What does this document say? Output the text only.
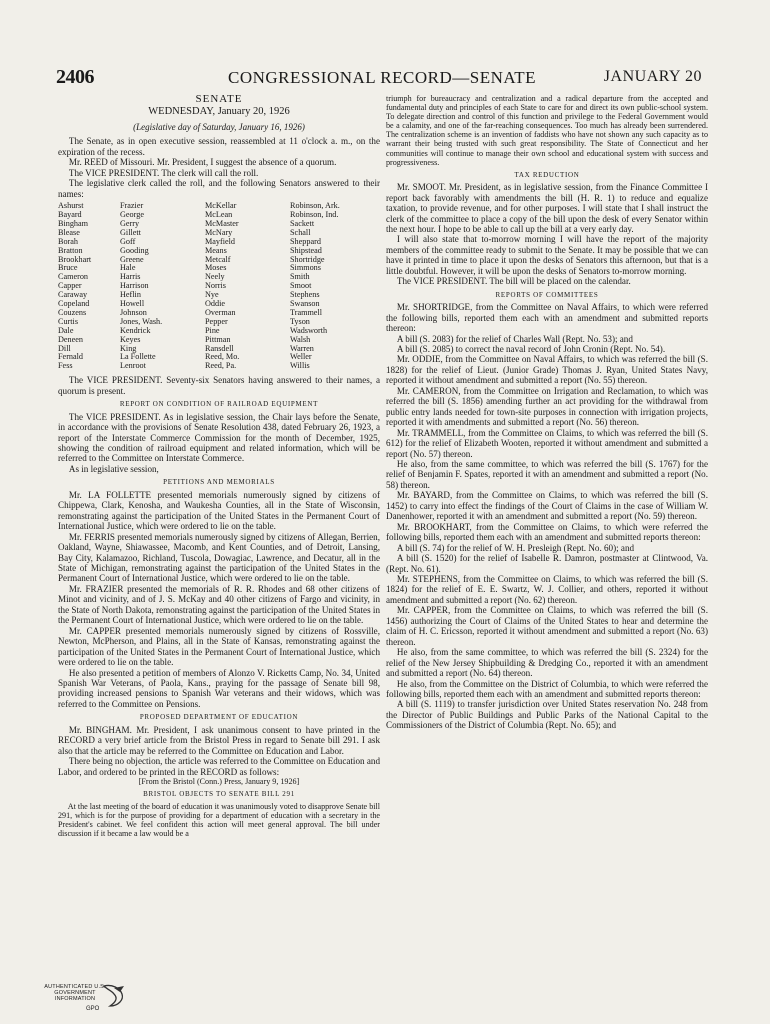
2406	CONGRESSIONAL RECORD—SENATE	JANUARY 20
SENATE
WEDNESDAY, January 20, 1926
(Legislative day of Saturday, January 16, 1926)

The Senate, as in open executive session, reassembled at 11 o'clock a. m., on the expiration of the recess.

Mr. REED of Missouri. Mr. President, I suggest the absence of a quorum.

The VICE PRESIDENT. The clerk will call the roll.

The legislative clerk called the roll, and the following Senators answered to their names:

Ashurst	Frazier	McKellar	Robinson, Ark.
Bayard	George	McLean	Robinson, Ind.
Bingham	Gerry	McMaster	Sackett
Blease	Gillett	McNary	Schall
Borah	Goff	Mayfield	Sheppard
Bratton	Gooding	Means	Shipstead
Brookhart	Greene	Metcalf	Shortridge
Bruce	Hale	Moses	Simmons
Cameron	Harris	Neely	Smith
Capper	Harrison	Norris	Smoot
Caraway	Heflin	Nye	Stephens
Copeland	Howell	Oddie	Swanson
Couzens	Johnson	Overman	Trammell
Curtis	Jones, Wash.	Pepper	Tyson
Dale	Kendrick	Pine	Wadsworth
Deneen	Keyes	Pittman	Walsh
Dill	King	Ransdell	Warren
Fernald	La Follette	Reed, Mo.	Weller
Fess	Lenroot	Reed, Pa.	Willis

The VICE PRESIDENT. Seventy-six Senators having answered to their names, a quorum is present.

REPORT ON CONDITION OF RAILROAD EQUIPMENT

The VICE PRESIDENT. As in legislative session, the Chair lays before the Senate, in accordance with the provisions of Senate Resolution 438, dated February 26, 1923, a report of the Interstate Commerce Commission for the month of December, 1925, showing the condition of railroad equipment and related information, which will be referred to the Committee on Interstate Commerce.

As in legislative session,

PETITIONS AND MEMORIALS

Mr. LA FOLLETTE presented memorials numerously signed by citizens of Chippewa, Clark, Kenosha, and Waukesha Counties, all in the State of Wisconsin, remonstrating against the participation of the United States in the Permanent Court of International Justice, which were ordered to lie on the table.

Mr. FERRIS presented memorials numerously signed by citizens of Allegan, Berrien, Oakland, Wayne, Shiawassee, Macomb, and Kent Counties, and of Detroit, Lansing, Bay City, Kalamazoo, Richland, Tuscola, Dowagiac, Lawrence, and Decatur, all in the State of Michigan, remonstrating against the participation of the United States in the Permanent Court of International Justice, which were ordered to lie on the table.

Mr. FRAZIER presented the memorials of R. R. Rhodes and 68 other citizens of Minot and vicinity, and of J. S. McKay and 40 other citizens of Fargo and vicinity, in the State of North Dakota, remonstrating against the participation of the United States in the Permanent Court of International Justice, which were ordered to lie on the table.

Mr. CAPPER presented memorials numerously signed by citizens of Rossville, Newton, McPherson, and Plains, all in the State of Kansas, remonstrating against the participation of the United States in the Permanent Court of International Justice, which were ordered to lie on the table.

He also presented a petition of members of Alonzo V. Ricketts Camp, No. 34, United Spanish War Veterans, of Paola, Kans., praying for the passage of Senate bill 98, providing increased pensions to Spanish War veterans and their widows, which was referred to the Committee on Pensions.

PROPOSED DEPARTMENT OF EDUCATION

Mr. BINGHAM. Mr. President, I ask unanimous consent to have printed in the RECORD a very brief article from the Bristol Press in regard to Senate bill 291. I ask also that the article may be referred to the Committee on Education and Labor.

There being no objection, the article was referred to the Committee on Education and Labor, and ordered to be printed in the RECORD as follows:

[From the Bristol (Conn.) Press, January 9, 1926]

BRISTOL OBJECTS TO SENATE BILL 291

At the last meeting of the board of education it was unanimously voted to disapprove Senate bill 291, which is for the purpose of providing for a department of education with a secretary in the President's cabinet. We feel confident this action will meet general approval. The bill under discussion if it became a law would be a

triumph for bureaucracy and centralization and a radical departure from the accepted and fundamental duty and principles of each State to care for and direct its own public-school system. To delegate direction and control of this function and privilege to the Federal Government would be a calamity, and one of the far-reaching consequences. Too much has already been surrendered. The centralization scheme is an invention of faddists who have not shown any such capacity as to warrant their being trusted with such great responsibility. The State of Connecticut and her communities will continue to manage their own school and educational system with success and progressiveness.

TAX REDUCTION

Mr. SMOOT. Mr. President, as in legislative session, from the Finance Committee I report back favorably with amendments the bill (H. R. 1) to reduce and equalize taxation, to provide revenue, and for other purposes. I will state that I shall instruct the clerk of the committee to place a copy of the bill upon the desk of every Senator within the next hour. I hope to be able to call up the bill at a very early day.

I will also state that to-morrow morning I will have the report of the majority members of the committee ready to submit to the Senate. It may be possible that we can have it printed in time to place it upon the desks of Senators this afternoon, but that is a little doubtful. However, it will be upon the desks of Senators to-morrow morning.

The VICE PRESIDENT. The bill will be placed on the calendar.

REPORTS OF COMMITTEES

Mr. SHORTRIDGE, from the Committee on Naval Affairs, to which were referred the following bills, reported them each with an amendment and submitted reports thereon:

A bill (S. 2083) for the relief of Charles Wall (Rept. No. 53); and

A bill (S. 2085) to correct the naval record of John Cronin (Rept. No. 54).

Mr. ODDIE, from the Committee on Naval Affairs, to which was referred the bill (S. 1828) for the relief of Lieut. (Junior Grade) Thomas J. Ryan, United States Navy, reported it without amendment and submitted a report (No. 55) thereon.

Mr. CAMERON, from the Committee on Irrigation and Reclamation, to which was referred the bill (S. 1856) amending further an act providing for the withdrawal from public entry lands needed for town-site purposes in connection with irrigation projects, reported it with amendments and submitted a report (No. 56) thereon.

Mr. TRAMMELL, from the Committee on Claims, to which was referred the bill (S. 612) for the relief of Elizabeth Wooten, reported it without amendment and submitted a report (No. 57) thereon.

He also, from the same committee, to which was referred the bill (S. 1767) for the relief of Benjamin F. Spates, reported it with an amendment and submitted a report (No. 58) thereon.

Mr. BAYARD, from the Committee on Claims, to which was referred the bill (S. 1452) to carry into effect the findings of the Court of Claims in the case of William W. Danenhower, reported it with an amendment and submitted a report (No. 59) thereon.

Mr. BROOKHART, from the Committee on Claims, to which were referred the following bills, reported them each with an amendment and submitted reports thereon:

A bill (S. 74) for the relief of W. H. Presleigh (Rept. No. 60); and

A bill (S. 1520) for the relief of Isabelle R. Damron, postmaster at Clintwood, Va. (Rept. No. 61).

Mr. STEPHENS, from the Committee on Claims, to which was referred the bill (S. 1824) for the relief of E. E. Swartz, W. J. Collier, and others, reported it without amendment and submitted a report (No. 62) thereon.

Mr. CAPPER, from the Committee on Claims, to which was referred the bill (S. 1456) authorizing the Court of Claims of the United States to hear and determine the claim of H. C. Ericsson, reported it without amendment and submitted a report (No. 63) thereon.

He also, from the same committee, to which was referred the bill (S. 2324) for the relief of the New Jersey Shipbuilding & Dredging Co., reported it with an amendment and submitted a report (No. 64) thereon.

He also, from the Committee on the District of Columbia, to which were referred the following bills, reported them each with an amendment and submitted reports thereon:

A bill (S. 1119) to transfer jurisdiction over United States reservation No. 248 from the Director of Public Buildings and Public Parks of the National Capital to the Commissioners of the District of Columbia (Rept. No. 65); and

AUTHENTICATED U.S. GOVERNMENT INFORMATION
GPO
